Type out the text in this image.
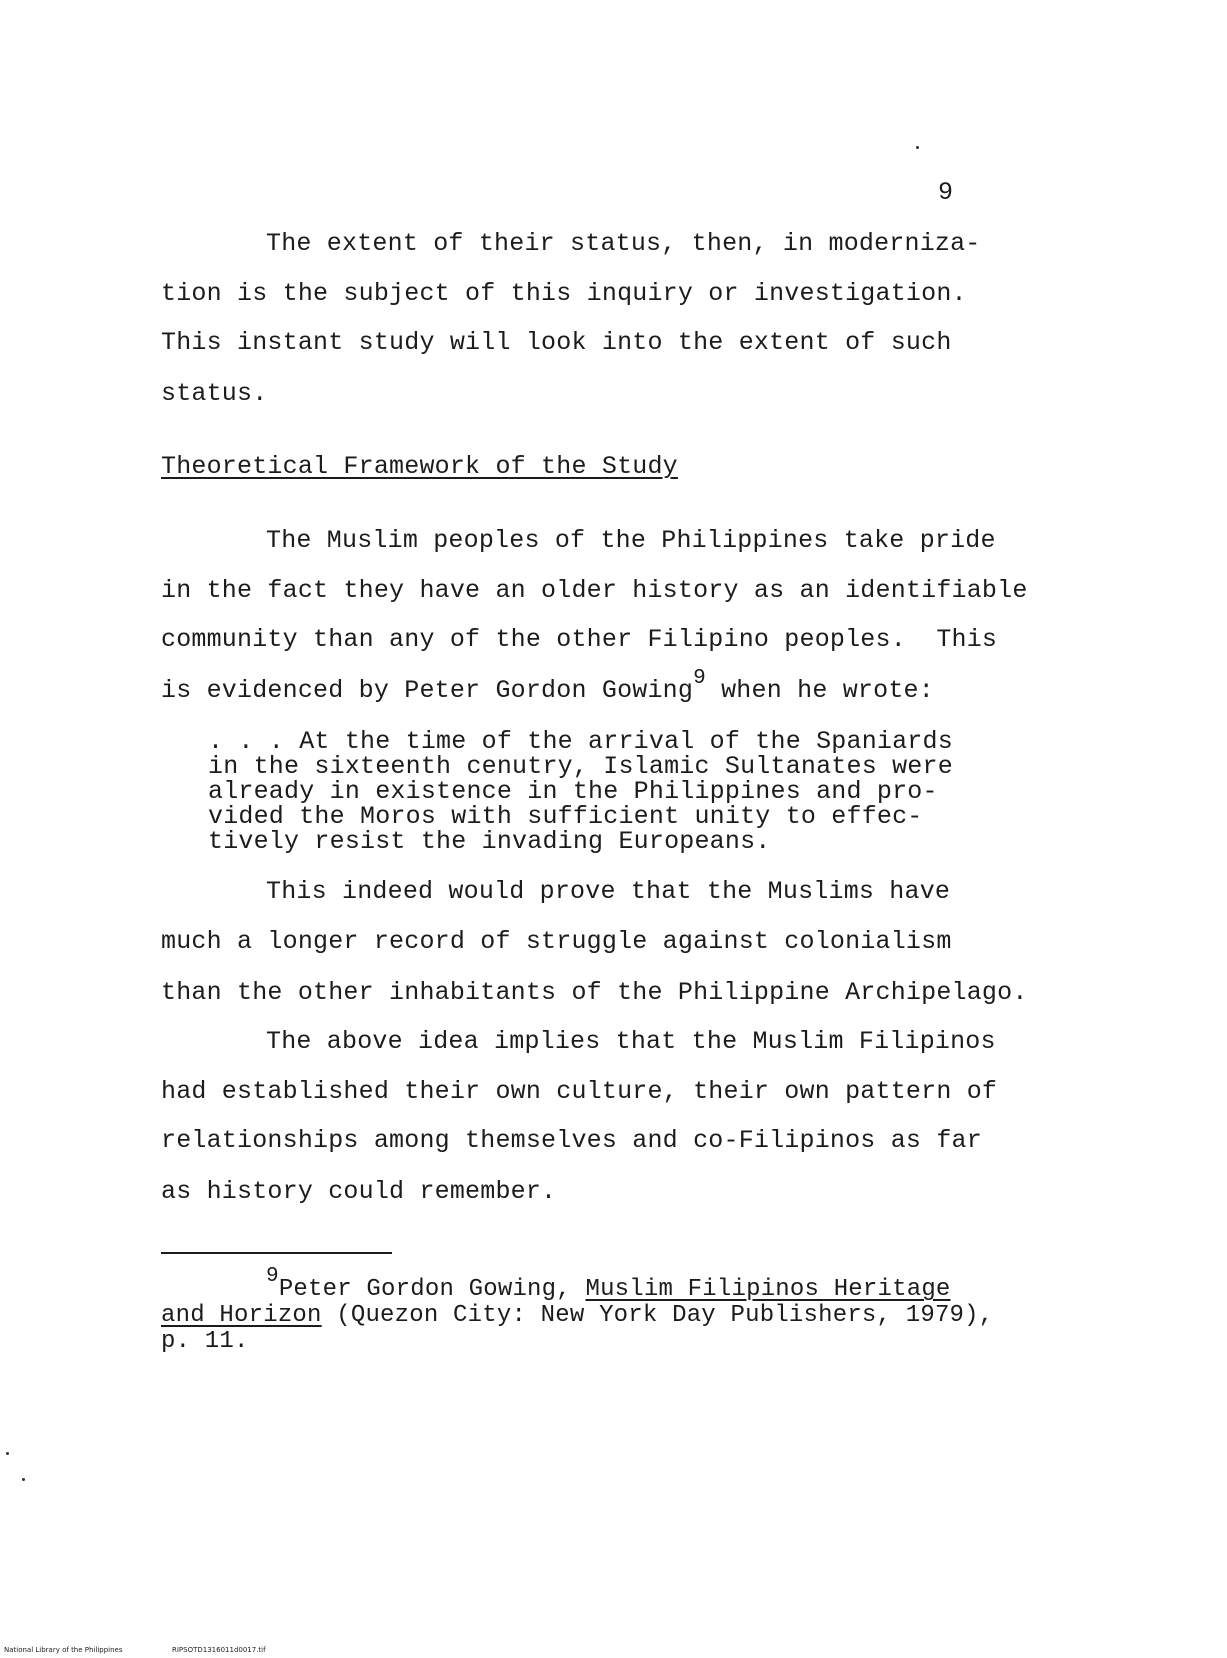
9
The extent of their status, then, in moderniza-
tion is the subject of this inquiry or investigation.
This instant study will look into the extent of such
status.
Theoretical Framework of the Study
The Muslim peoples of the Philippines take pride
in the fact they have an older history as an identifiable
community than any of the other Filipino peoples.  This
is evidenced by Peter Gordon Gowing$^9$ when he wrote:
. . . At the time of the arrival of the Spaniards
in the sixteenth cenutry, Islamic Sultanates were
already in existence in the Philippines and pro-
vided the Moros with sufficient unity to effec-
tively resist the invading Europeans.
This indeed would prove that the Muslims have
much a longer record of struggle against colonialism
than the other inhabitants of the Philippine Archipelago.
The above idea implies that the Muslim Filipinos
had established their own culture, their own pattern of
relationships among themselves and co-Filipinos as far
as history could remember.
$^9$Peter Gordon Gowing, Muslim Filipinos Heritage
and Horizon (Quezon City: New York Day Publishers, 1979),
p. 11.
National Library of the Philippines	RIPSOTD1316011d0017.tif
